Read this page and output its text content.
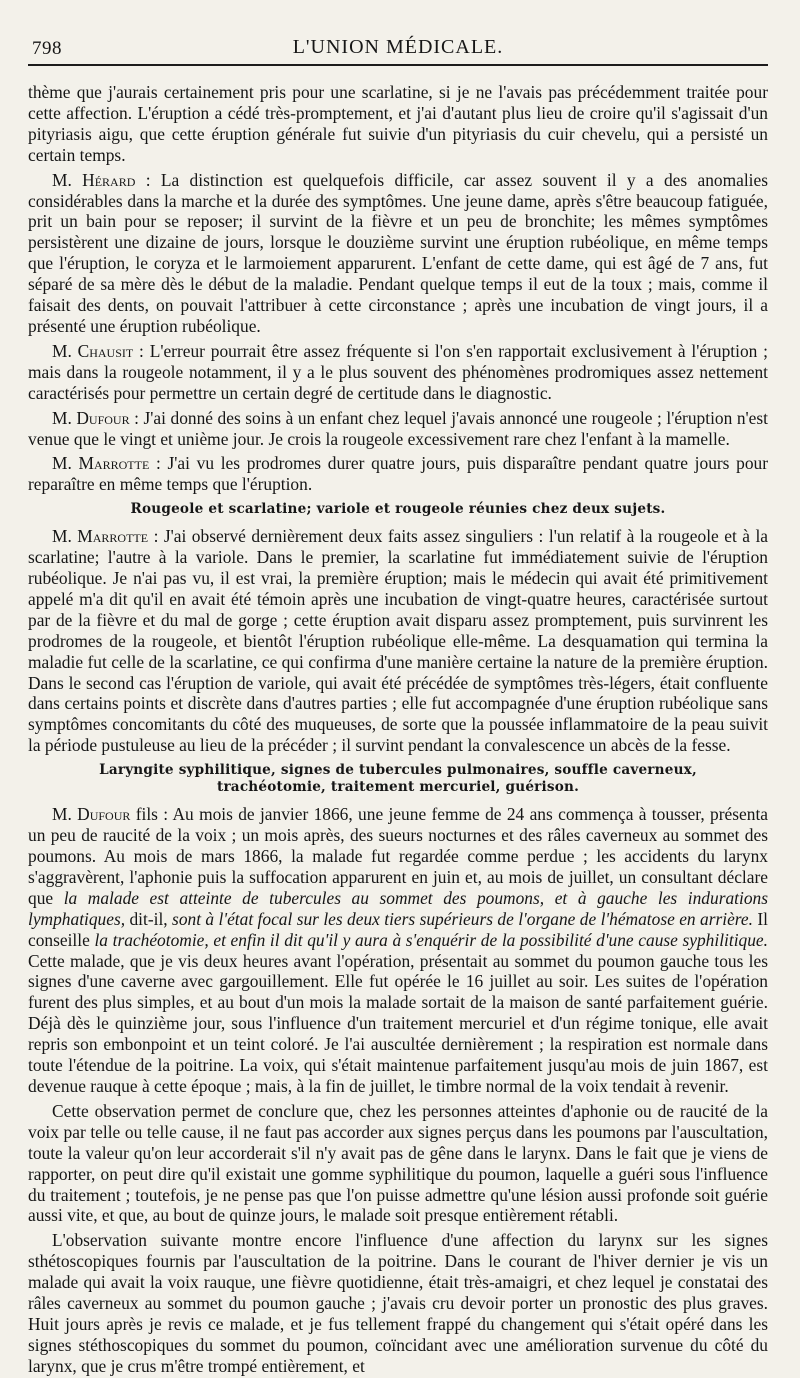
798	L'UNION MÉDICALE.

thème que j'aurais certainement pris pour une scarlatine, si je ne l'avais pas précédemment traitée pour cette affection. L'éruption a cédé très-promptement, et j'ai d'autant plus lieu de croire qu'il s'agissait d'un pityriasis aigu, que cette éruption générale fut suivie d'un pityriasis du cuir chevelu, qui a persisté un certain temps.

M. Hérard : La distinction est quelquefois difficile, car assez souvent il y a des anomalies considérables dans la marche et la durée des symptômes. Une jeune dame, après s'être beaucoup fatiguée, prit un bain pour se reposer; il survint de la fièvre et un peu de bronchite; les mêmes symptômes persistèrent une dizaine de jours, lorsque le douzième survint une éruption rubéolique, en même temps que l'éruption, le coryza et le larmoiement apparurent. L'enfant de cette dame, qui est âgé de 7 ans, fut séparé de sa mère dès le début de la maladie. Pendant quelque temps il eut de la toux ; mais, comme il faisait des dents, on pouvait l'attribuer à cette circonstance ; après une incubation de vingt jours, il a présenté une éruption rubéolique.

M. Chausit : L'erreur pourrait être assez fréquente si l'on s'en rapportait exclusivement à l'éruption ; mais dans la rougeole notamment, il y a le plus souvent des phénomènes prodromiques assez nettement caractérisés pour permettre un certain degré de certitude dans le diagnostic.

M. Dufour : J'ai donné des soins à un enfant chez lequel j'avais annoncé une rougeole ; l'éruption n'est venue que le vingt et unième jour. Je crois la rougeole excessivement rare chez l'enfant à la mamelle.

M. Marrotte : J'ai vu les prodromes durer quatre jours, puis disparaître pendant quatre jours pour reparaître en même temps que l'éruption.

Rougeole et scarlatine; variole et rougeole réunies chez deux sujets.

M. Marrotte : J'ai observé dernièrement deux faits assez singuliers : l'un relatif à la rougeole et à la scarlatine; l'autre à la variole. Dans le premier, la scarlatine fut immédiatement suivie de l'éruption rubéolique. Je n'ai pas vu, il est vrai, la première éruption; mais le médecin qui avait été primitivement appelé m'a dit qu'il en avait été témoin après une incubation de vingt-quatre heures, caractérisée surtout par de la fièvre et du mal de gorge ; cette éruption avait disparu assez promptement, puis survinrent les prodromes de la rougeole, et bientôt l'éruption rubéolique elle-même. La desquamation qui termina la maladie fut celle de la scarlatine, ce qui confirma d'une manière certaine la nature de la première éruption. Dans le second cas l'éruption de variole, qui avait été précédée de symptômes très-légers, était confluente dans certains points et discrète dans d'autres parties ; elle fut accompagnée d'une éruption rubéolique sans symptômes concomitants du côté des muqueuses, de sorte que la poussée inflammatoire de la peau suivit la période pustuleuse au lieu de la précéder ; il survint pendant la convalescence un abcès de la fesse.

Laryngite syphilitique, signes de tubercules pulmonaires, souffle caverneux,
trachéotomie, traitement mercuriel, guérison.

M. Dufour fils : Au mois de janvier 1866, une jeune femme de 24 ans commença à tousser, présenta un peu de raucité de la voix ; un mois après, des sueurs nocturnes et des râles caverneux au sommet des poumons. Au mois de mars 1866, la malade fut regardée comme perdue ; les accidents du larynx s'aggravèrent, l'aphonie puis la suffocation apparurent en juin et, au mois de juillet, un consultant déclare que la malade est atteinte de tubercules au sommet des poumons, et à gauche les indurations lymphatiques, dit-il, sont à l'état focal sur les deux tiers supérieurs de l'organe de l'hématose en arrière. Il conseille la trachéotomie, et enfin il dit qu'il y aura à s'enquérir de la possibilité d'une cause syphilitique. Cette malade, que je vis deux heures avant l'opération, présentait au sommet du poumon gauche tous les signes d'une caverne avec gargouillement. Elle fut opérée le 16 juillet au soir. Les suites de l'opération furent des plus simples, et au bout d'un mois la malade sortait de la maison de santé parfaitement guérie. Déjà dès le quinzième jour, sous l'influence d'un traitement mercuriel et d'un régime tonique, elle avait repris son embonpoint et un teint coloré. Je l'ai auscultée dernièrement ; la respiration est normale dans toute l'étendue de la poitrine. La voix, qui s'était maintenue parfaitement jusqu'au mois de juin 1867, est devenue rauque à cette époque ; mais, à la fin de juillet, le timbre normal de la voix tendait à revenir.

Cette observation permet de conclure que, chez les personnes atteintes d'aphonie ou de raucité de la voix par telle ou telle cause, il ne faut pas accorder aux signes perçus dans les poumons par l'auscultation, toute la valeur qu'on leur accorderait s'il n'y avait pas de gêne dans le larynx. Dans le fait que je viens de rapporter, on peut dire qu'il existait une gomme syphilitique du poumon, laquelle a guéri sous l'influence du traitement ; toutefois, je ne pense pas que l'on puisse admettre qu'une lésion aussi profonde soit guérie aussi vite, et que, au bout de quinze jours, le malade soit presque entièrement rétabli.

L'observation suivante montre encore l'influence d'une affection du larynx sur les signes sthétoscopiques fournis par l'auscultation de la poitrine. Dans le courant de l'hiver dernier je vis un malade qui avait la voix rauque, une fièvre quotidienne, était très-amaigri, et chez lequel je constatai des râles caverneux au sommet du poumon gauche ; j'avais cru devoir porter un pronostic des plus graves. Huit jours après je revis ce malade, et je fus tellement frappé du changement qui s'était opéré dans les signes stéthoscopiques du sommet du poumon, coïncidant avec une amélioration survenue du côté du larynx, que je crus m'être trompé entièrement, et
